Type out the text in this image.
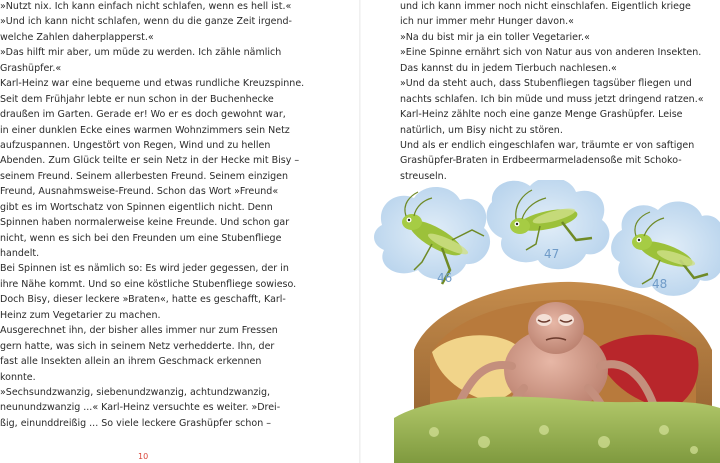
»Nutzt nix. Ich kann einfach nicht schlafen, wenn es hell ist.«
»Und ich kann nicht schlafen, wenn du die ganze Zeit irgend-
welche Zahlen daherplapperst.«
»Das hilft mir aber, um müde zu werden. Ich zähle nämlich
Grashüpfer.«
Karl-Heinz war eine bequeme und etwas rundliche Kreuzspinne.
Seit dem Frühjahr lebte er nun schon in der Buchenhecke
draußen im Garten. Gerade er! Wo er es doch gewohnt war,
in einer dunklen Ecke eines warmen Wohnzimmers sein Netz
aufzuspannen. Ungestört von Regen, Wind und zu hellen
Abenden. Zum Glück teilte er sein Netz in der Hecke mit Bisy –
seinem Freund. Seinem allerbesten Freund. Seinem einzigen
Freund, Ausnahmsweise-Freund. Schon das Wort »Freund«
gibt es im Wortschatz von Spinnen eigentlich nicht. Denn
Spinnen haben normalerweise keine Freunde. Und schon gar
nicht, wenn es sich bei den Freunden um eine Stubenfliege
handelt.
Bei Spinnen ist es nämlich so: Es wird jeder gegessen, der in
ihre Nähe kommt. Und so eine köstliche Stubenfliege sowieso.
Doch Bisy, dieser leckere »Braten«, hatte es geschafft, Karl-
Heinz zum Vegetarier zu machen.
Ausgerechnet ihn, der bisher alles immer nur zum Fressen
gern hatte, was sich in seinem Netz verhedderte. Ihn, der
fast alle Insekten allein an ihrem Geschmack erkennen
konnte.
»Sechsundzwanzig, siebenundzwanzig, achtundzwanzig,
neunundzwanzig ...« Karl-Heinz versuchte es weiter. »Drei-
ßig, einunddreißig ... So viele leckere Grashüpfer schon –
10
und ich kann immer noch nicht einschlafen. Eigentlich kriege
ich nur immer mehr Hunger davon.«
»Na du bist mir ja ein toller Vegetarier.«
»Eine Spinne ernährt sich von Natur aus von anderen Insekten.
Das kannst du in jedem Tierbuch nachlesen.«
»Und da steht auch, dass Stubenfliegen tagsüber fliegen und
nachts schlafen. Ich bin müde und muss jetzt dringend ratzen.«
Karl-Heinz zählte noch eine ganze Menge Grashüpfer. Leise
natürlich, um Bisy nicht zu stören.
Und als er endlich eingeschlafen war, träumte er von saftigen
Grashüpfer-Braten in Erdbeermarmeladensoße mit Schoko-
streuseln.
46
47
48
